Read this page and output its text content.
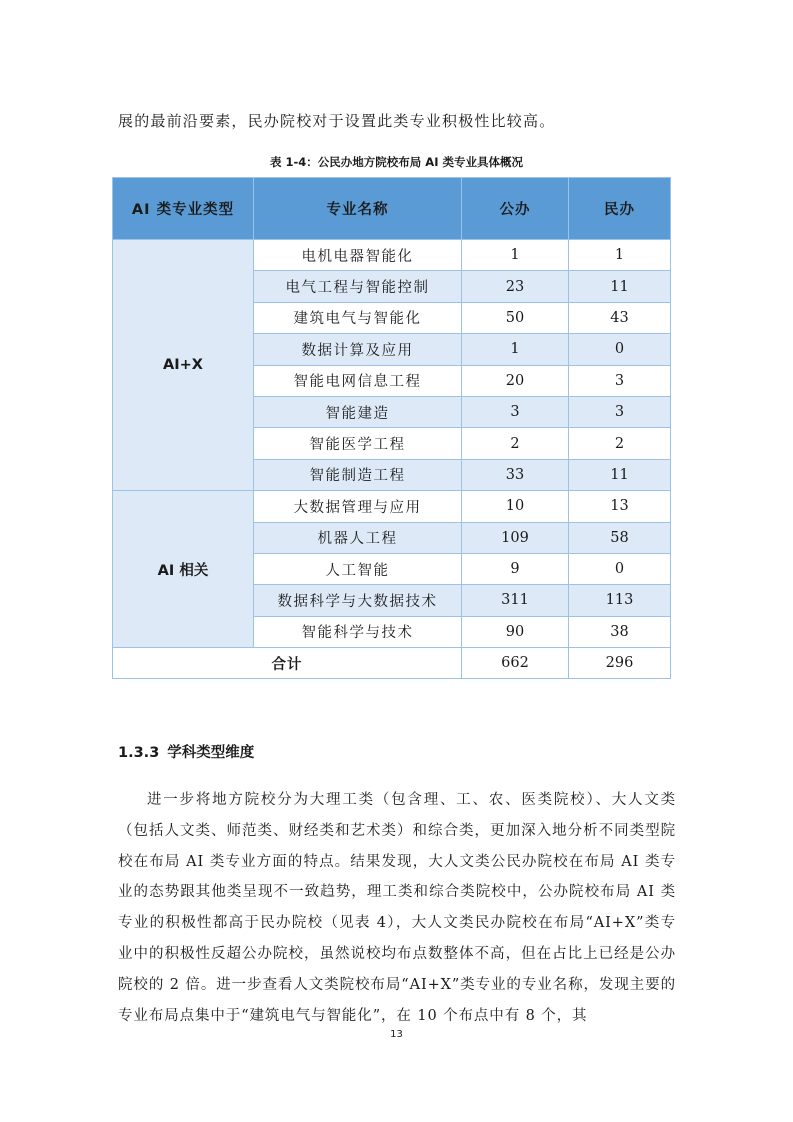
展的最前沿要素，民办院校对于设置此类专业积极性比较高。
表 1-4：公民办地方院校布局 AI 类专业具体概况
AI 类专业类型	专业名称	公办	民办
AI+X	电机电器智能化	1	1
	电气工程与智能控制	23	11
	建筑电气与智能化	50	43
	数据计算及应用	1	0
	智能电网信息工程	20	3
	智能建造	3	3
	智能医学工程	2	2
	智能制造工程	33	11
AI 相关	大数据管理与应用	10	13
	机器人工程	109	58
	人工智能	9	0
	数据科学与大数据技术	311	113
	智能科学与技术	90	38
合计		662	296
1.3.3 学科类型维度

进一步将地方院校分为大理工类（包含理、工、农、医类院校）、大人文类（包括人文类、师范类、财经类和艺术类）和综合类，更加深入地分析不同类型院校在布局 AI 类专业方面的特点。结果发现，大人文类公民办院校在布局 AI 类专业的态势跟其他类呈现不一致趋势，理工类和综合类院校中，公办院校布局 AI 类专业的积极性都高于民办院校（见表 4），大人文类民办院校在布局“AI+X”类专业中的积极性反超公办院校，虽然说校均布点数整体不高，但在占比上已经是公办院校的 2 倍。进一步查看人文类院校布局“AI+X”类专业的专业名称，发现主要的专业布局点集中于“建筑电气与智能化”，在 10 个布点中有 8 个，其

13
